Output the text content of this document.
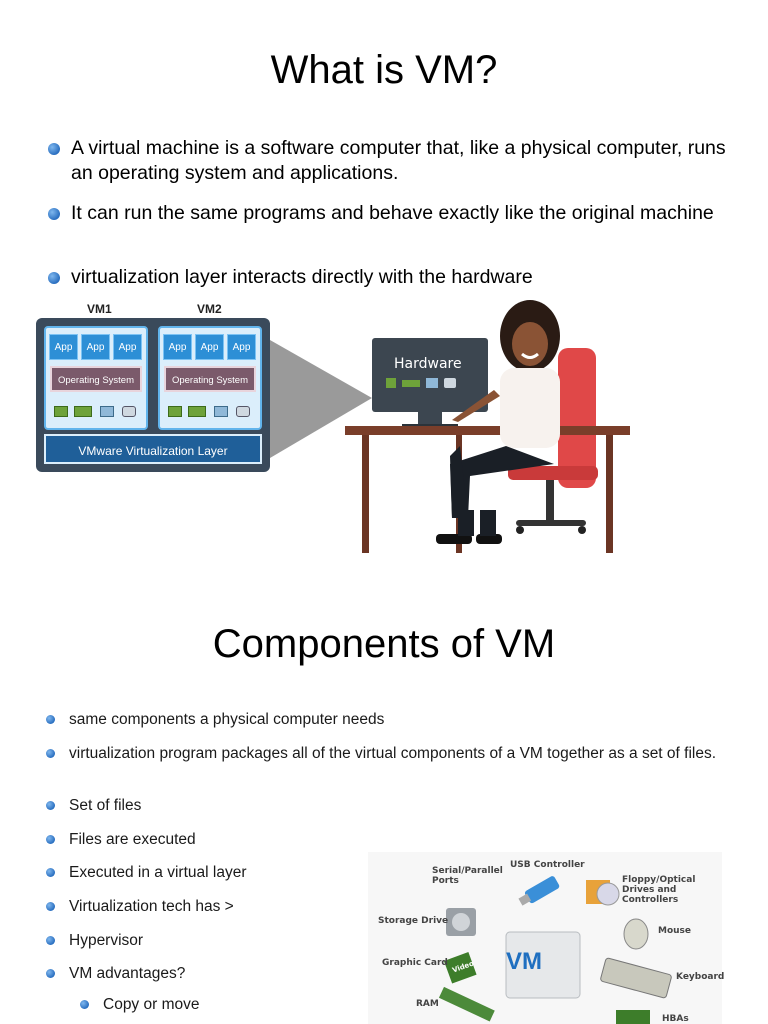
What is VM?
A virtual machine is a software computer that, like a physical computer, runs an operating system and applications.
It can run the same programs and behave exactly like the original machine
virtualization layer interacts directly with the hardware
VM1	VM2
App	App	App
Operating System
App	App	App
Operating System
VMware Virtualization Layer
Hardware
Components of VM
same components a physical computer needs
virtualization program packages all of the virtual components of a VM together as a set of files.
Set of files
Files are executed
Executed in a virtual layer
Virtualization tech has >
Hypervisor
VM advantages?
Copy or move
VM
Serial/Parallel Ports
USB Controller
Floppy/Optical Drives and Controllers
Storage Drive
Mouse
Graphic Card
Keyboard
RAM
HBAs
Video
